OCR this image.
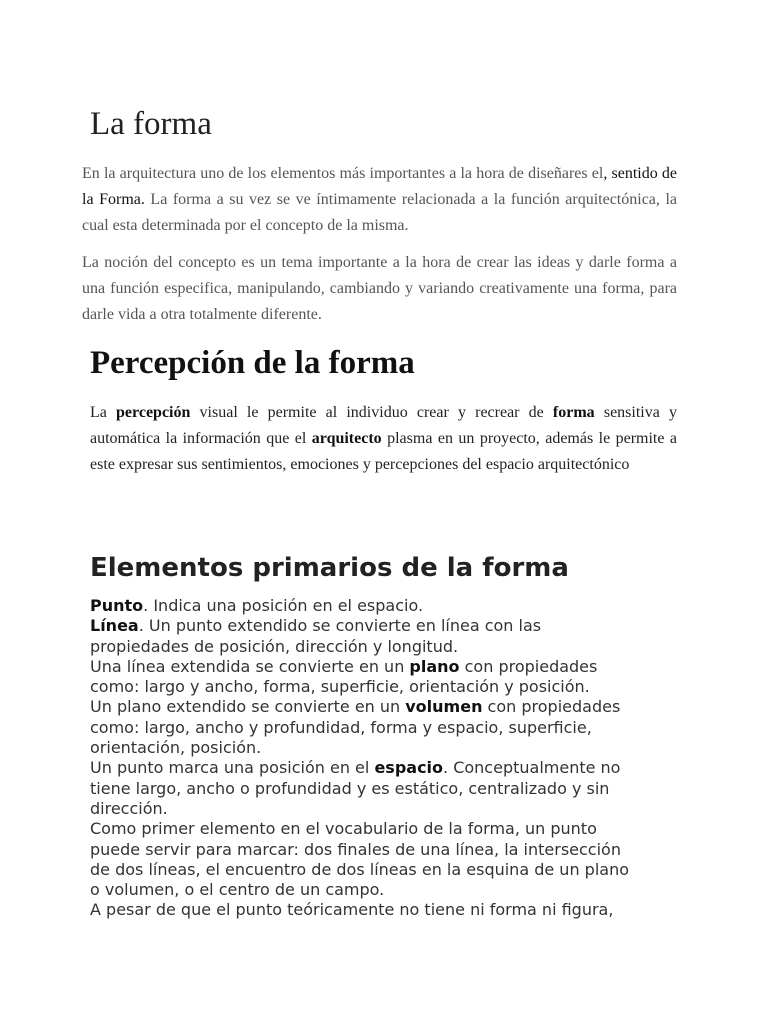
La forma

En la arquitectura uno de los elementos más importantes a la hora de diseñares el, sentido de la Forma. La forma a su vez se ve íntimamente relacionada a la función arquitectónica, la cual esta determinada por el concepto de la misma.

La noción del concepto es un tema importante a la hora de crear las ideas y darle forma a una función especifica, manipulando, cambiando y variando creativamente una forma, para darle vida a otra totalmente diferente.

Percepción de la forma

La percepción visual le permite al individuo crear y recrear de forma sensitiva y automática la información que el arquitecto plasma en un proyecto, además le permite a este expresar sus sentimientos, emociones y percepciones del espacio arquitectónico

Elementos primarios de la forma
Punto. Indica una posición en el espacio.
Línea. Un punto extendido se convierte en línea con las
propiedades de posición, dirección y longitud.
Una línea extendida se convierte en un plano con propiedades
como: largo y ancho, forma, superficie, orientación y posición.
Un plano extendido se convierte en un volumen con propiedades
como: largo, ancho y profundidad, forma y espacio, superficie,
orientación, posición.
Un punto marca una posición en el espacio. Conceptualmente no
tiene largo, ancho o profundidad y es estático, centralizado y sin
dirección.
Como primer elemento en el vocabulario de la forma, un punto
puede servir para marcar: dos finales de una línea, la intersección
de dos líneas, el encuentro de dos líneas en la esquina de un plano
o volumen, o el centro de un campo.
A pesar de que el punto teóricamente no tiene ni forma ni figura,
